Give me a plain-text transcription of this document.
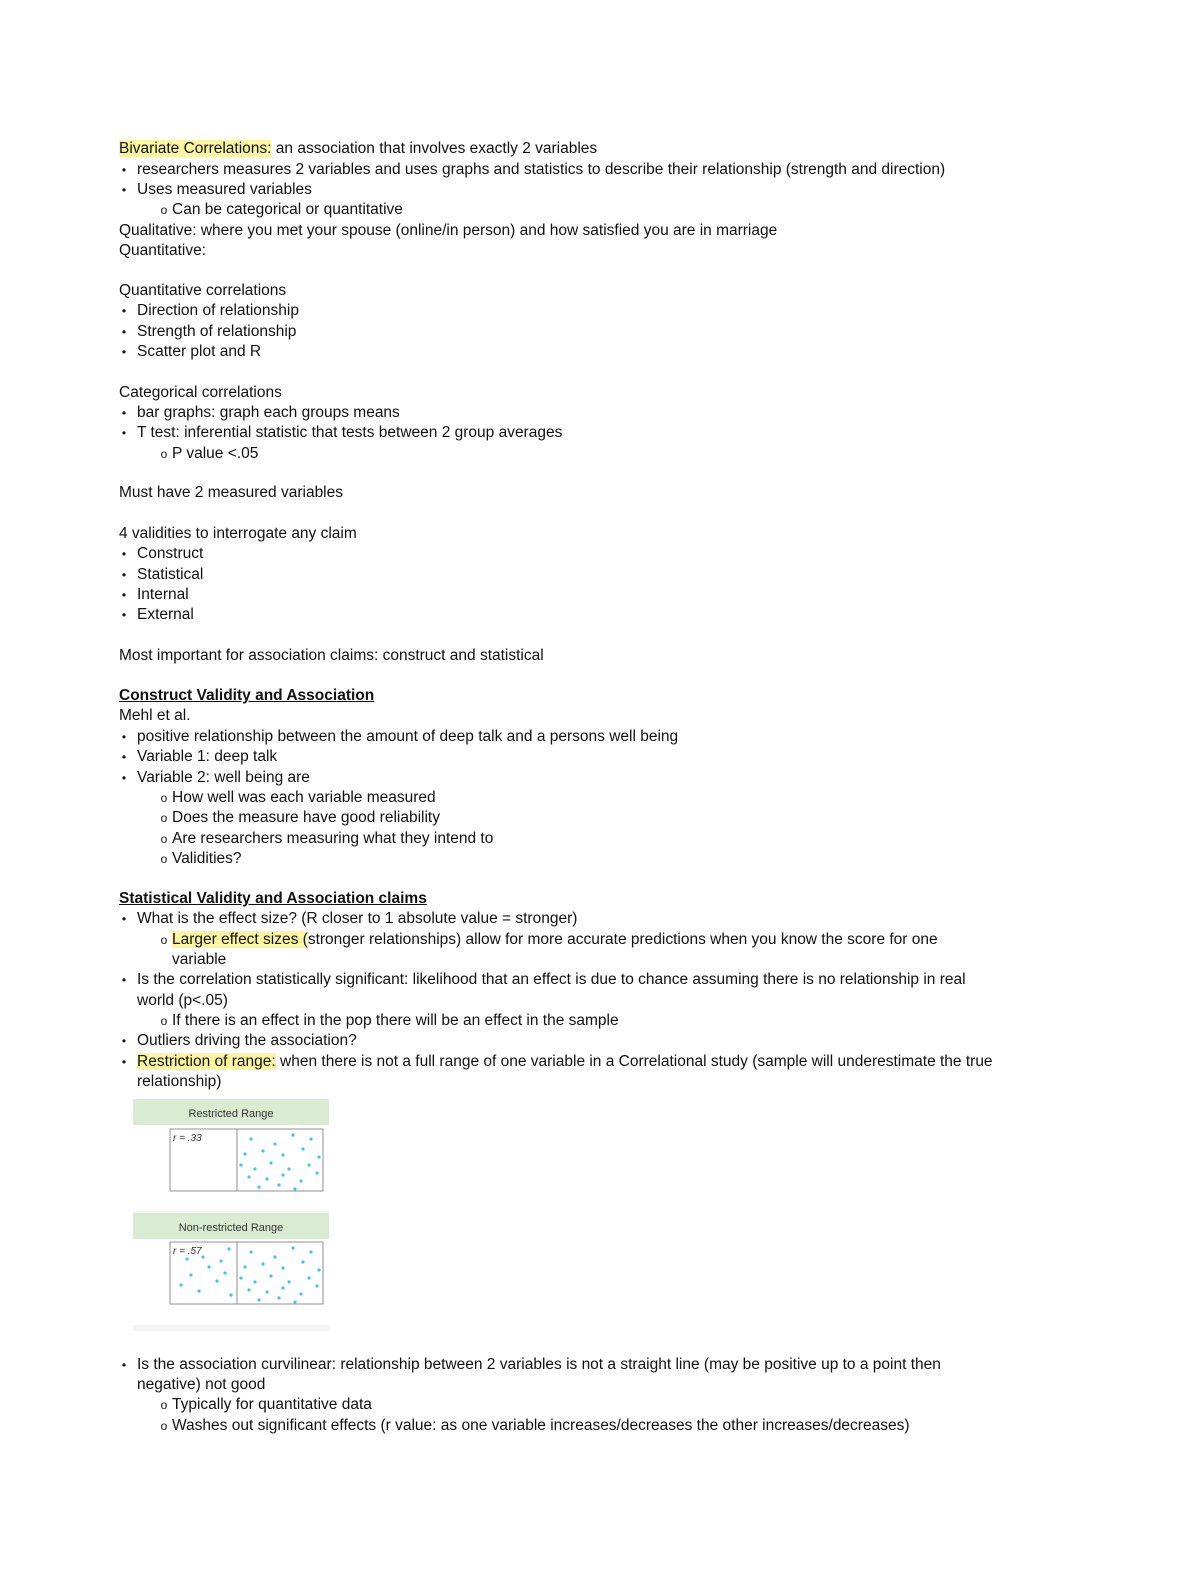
Bivariate Correlations: an association that involves exactly 2 variables
• researchers measures 2 variables and uses graphs and statistics to describe their relationship (strength and direction)
• Uses measured variables
o Can be categorical or quantitative
Qualitative: where you met your spouse (online/in person) and how satisfied you are in marriage
Quantitative:
Quantitative correlations
• Direction of relationship
• Strength of relationship
• Scatter plot and R
Categorical correlations
• bar graphs: graph each groups means
• T test: inferential statistic that tests between 2 group averages
o P value <.05
Must have 2 measured variables
4 validities to interrogate any claim
• Construct
• Statistical
• Internal
• External
Most important for association claims: construct and statistical
Construct Validity and Association
Mehl et al.
• positive relationship between the amount of deep talk and a persons well being
• Variable 1: deep talk
• Variable 2: well being are
o How well was each variable measured
o Does the measure have good reliability
o Are researchers measuring what they intend to
o Validities?
Statistical Validity and Association claims
• What is the effect size? (R closer to 1 absolute value = stronger)
o Larger effect sizes (stronger relationships) allow for more accurate predictions when you know the score for one
variable
• Is the correlation statistically significant: likelihood that an effect is due to chance assuming there is no relationship in real
world (p<.05)
o If there is an effect in the pop there will be an effect in the sample
• Outliers driving the association?
• Restriction of range: when there is not a full range of one variable in a Correlational study (sample will underestimate the true
relationship)
Restricted Range
r = .33
Non-restricted Range
r = .57
• Is the association curvilinear: relationship between 2 variables is not a straight line (may be positive up to a point then
negative) not good
o Typically for quantitative data
o Washes out significant effects (r value: as one variable increases/decreases the other increases/decreases)
